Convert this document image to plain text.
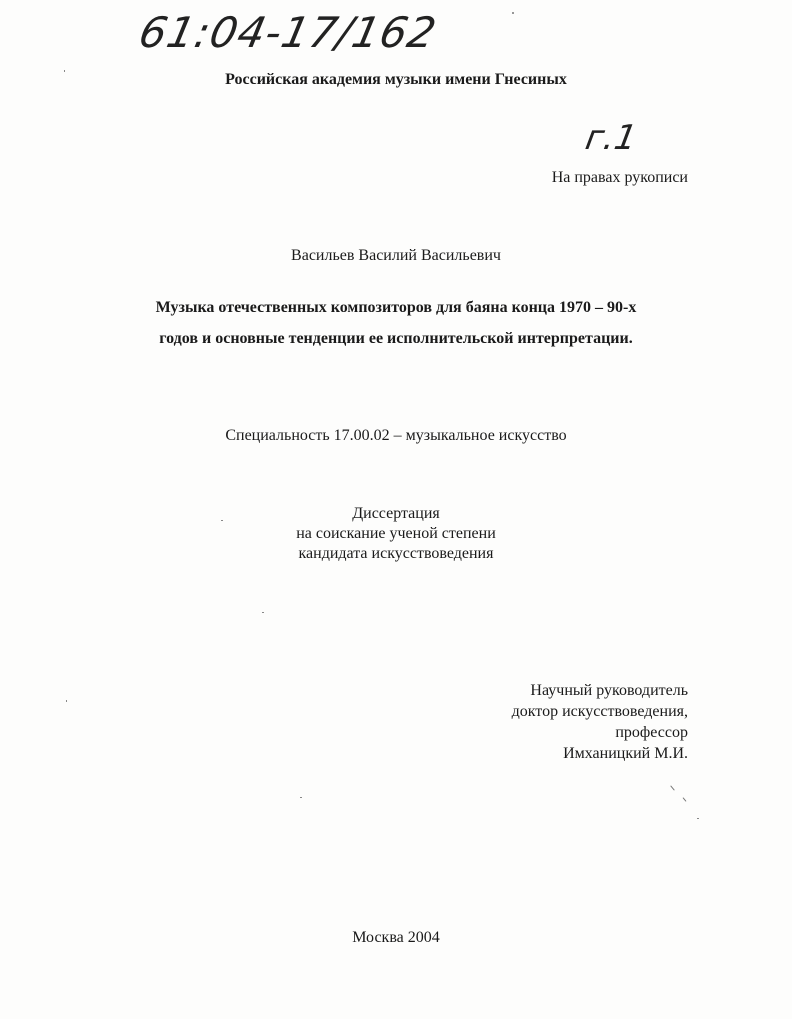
61:04-17/162
г.1
Российская академия музыки имени Гнесиных
На правах рукописи
Васильев Василий Васильевич
Музыка отечественных композиторов для баяна конца 1970 – 90-х
годов и основные тенденции ее исполнительской интерпретации.
Специальность 17.00.02 – музыкальное искусство
Диссертация
на соискание ученой степени
кандидата искусствоведения
Научный руководитель
доктор искусствоведения,
профессор
Имханицкий М.И.
Москва 2004
